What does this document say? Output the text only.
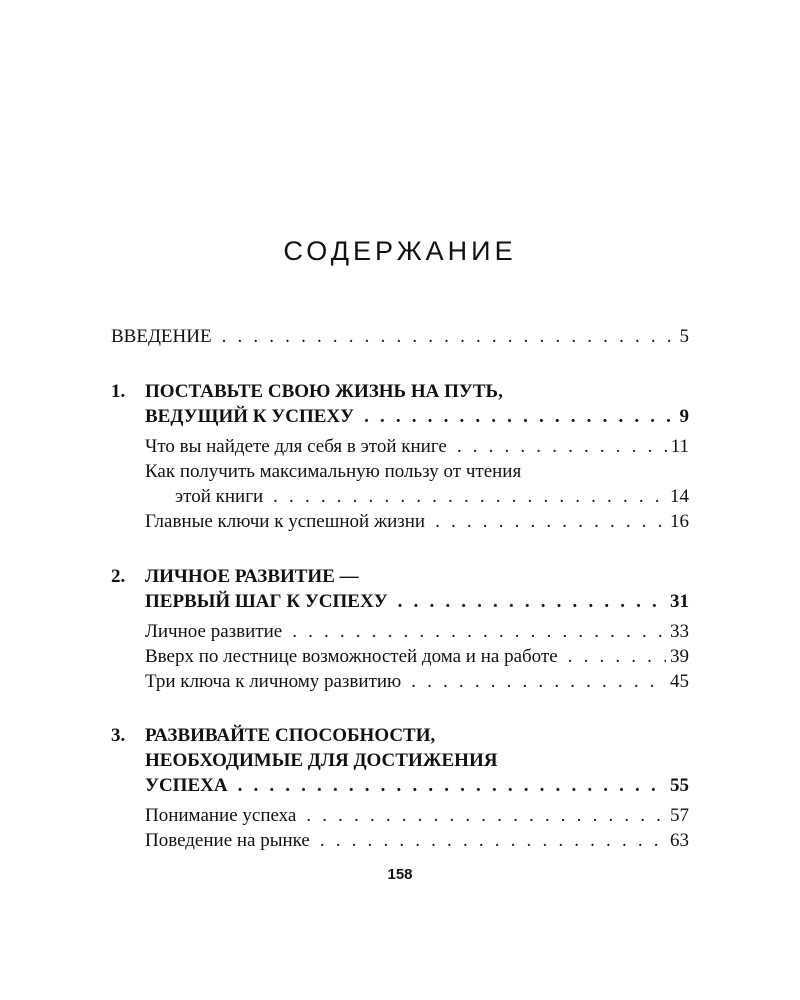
СОДЕРЖАНИЕ
ВВЕДЕНИЕ . . .	5
1. ПОСТАВЬТЕ СВОЮ ЖИЗНЬ НА ПУТЬ,
ВЕДУЩИЙ К УСПЕХУ . . .	9
Что вы найдете для себя в этой книге . . .	11
Как получить максимальную пользу от чтения
этой книги . . .	14
Главные ключи к успешной жизни . . .	16
2. ЛИЧНОЕ РАЗВИТИЕ —
ПЕРВЫЙ ШАГ К УСПЕХУ . . .	31
Личное развитие . . .	33
Вверх по лестнице возможностей дома и на работе . . .	39
Три ключа к личному развитию . . .	45
3. РАЗВИВАЙТЕ СПОСОБНОСТИ,
НЕОБХОДИМЫЕ ДЛЯ ДОСТИЖЕНИЯ
УСПЕХА . . .	55
Понимание успеха . . .	57
Поведение на рынке . . .	63
158
